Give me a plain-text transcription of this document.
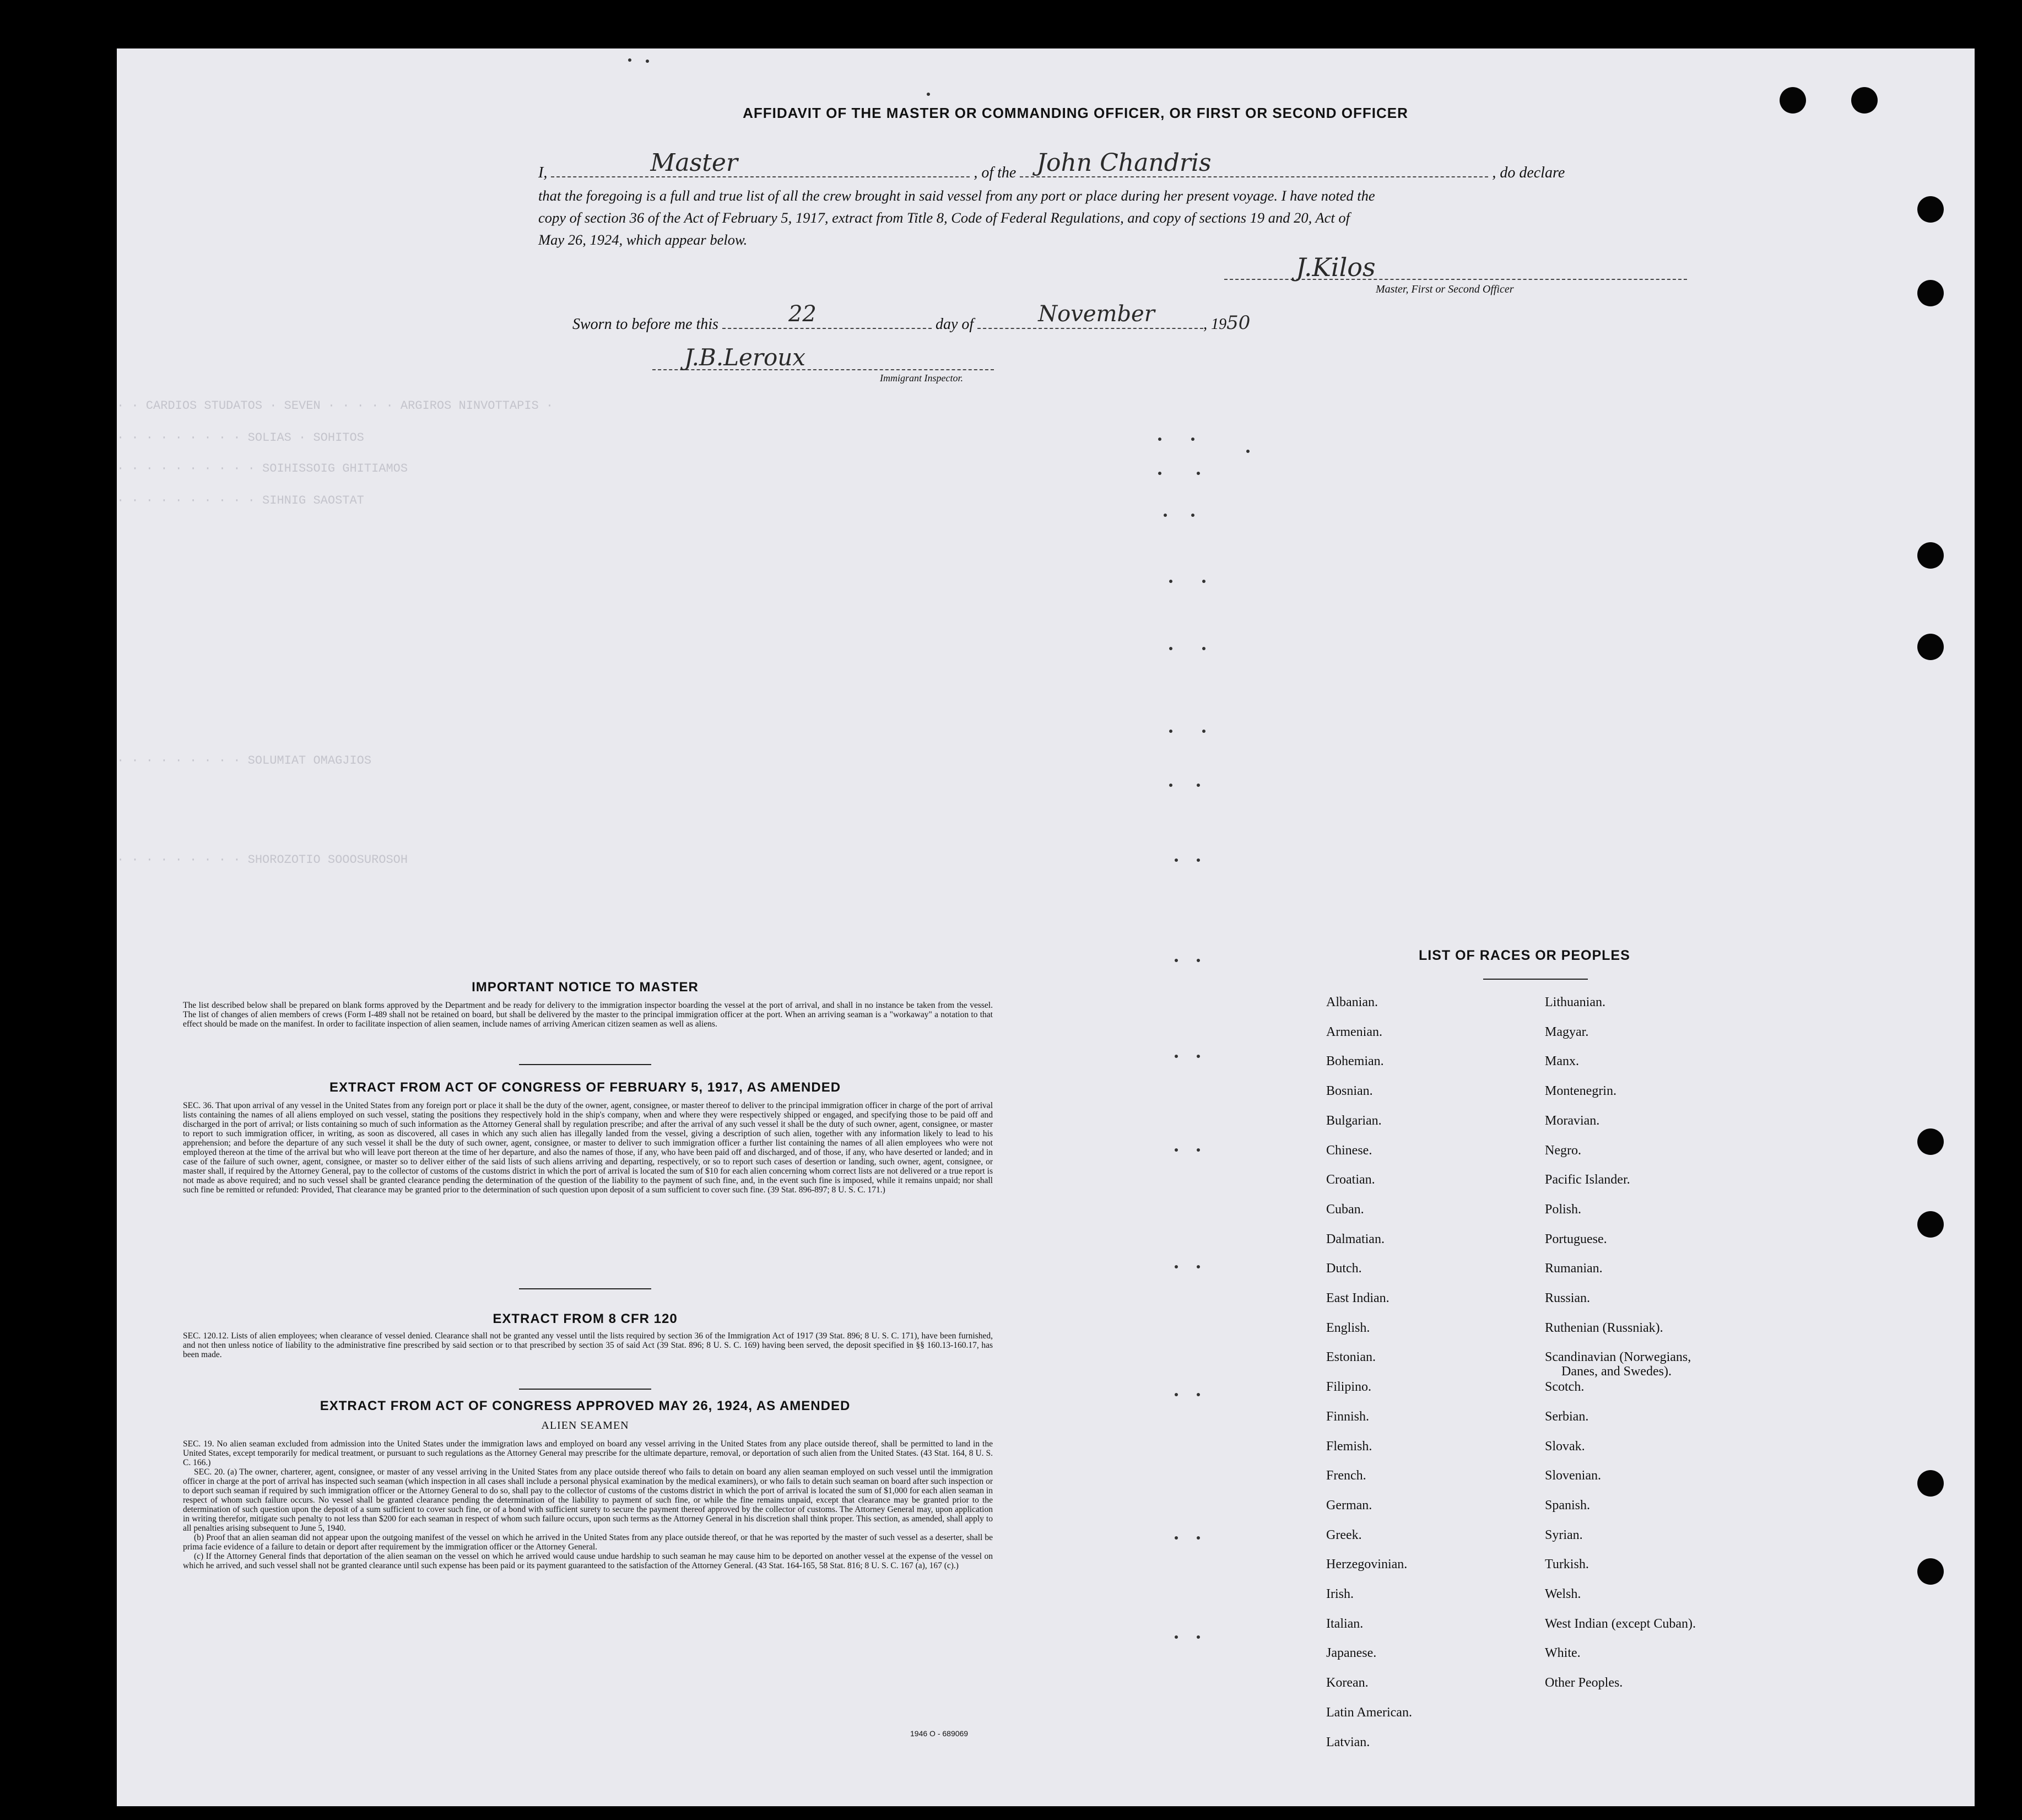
· · CARDIOS STUDATOS · SEVEN · · · · · ARGIROS NINVOTTAPIS ·
· · · · · · · · · SOLIAS · SOHITOS
· · · · · · · · · · SOIHISSOIG GHITIAMOS
· · · · · · · · · · SIHNIG SAOSTAT
· · · · · · · · · SOLUMIAT OMAGJIOS
· · · · · · · · · SHOROZOTIO SOOOSUROSOH
AFFIDAVIT OF THE MASTER OR COMMANDING OFFICER, OR FIRST OR SECOND OFFICER
I,	Master	, of the John Chandris	, do declare
that the foregoing is a full and true list of all the crew brought in said vessel from any port or place during her present voyage. I have noted the
copy of section 36 of the Act of February 5, 1917, extract from Title 8, Code of Federal Regulations, and copy of sections 19 and 20, Act of
May 26, 1924, which appear below.
J.Kilos
Master, First or Second Officer
Sworn to before me this	22	day of	November	, 1950
J.B.Leroux
Immigrant Inspector.
IMPORTANT NOTICE TO MASTER
The list described below shall be prepared on blank forms approved by the Department and be ready for delivery to the immigration inspector boarding the vessel at the port of arrival, and shall in no instance be taken from the vessel. The list of changes of alien members of crews (Form I-489 shall not be retained on board, but shall be delivered by the master to the principal immigration officer at the port. When an arriving seaman is a "workaway" a notation to that effect should be made on the manifest. In order to facilitate inspection of alien seamen, include names of arriving American citizen seamen as well as aliens.
EXTRACT FROM ACT OF CONGRESS OF FEBRUARY 5, 1917, AS AMENDED
SEC. 36. That upon arrival of any vessel in the United States from any foreign port or place it shall be the duty of the owner, agent, consignee, or master thereof to deliver to the principal immigration officer in charge of the port of arrival lists containing the names of all aliens employed on such vessel, stating the positions they respectively hold in the ship's company, when and where they were respectively shipped or engaged, and specifying those to be paid off and discharged in the port of arrival; or lists containing so much of such information as the Attorney General shall by regulation prescribe; and after the arrival of any such vessel it shall be the duty of such owner, agent, consignee, or master to report to such immigration officer, in writing, as soon as discovered, all cases in which any such alien has illegally landed from the vessel, giving a description of such alien, together with any information likely to lead to his apprehension; and before the departure of any such vessel it shall be the duty of such owner, agent, consignee, or master to deliver to such immigration officer a further list containing the names of all alien employees who were not employed thereon at the time of the arrival but who will leave port thereon at the time of her departure, and also the names of those, if any, who have been paid off and discharged, and of those, if any, who have deserted or landed; and in case of the failure of such owner, agent, consignee, or master so to deliver either of the said lists of such aliens arriving and departing, respectively, or so to report such cases of desertion or landing, such owner, agent, consignee, or master shall, if required by the Attorney General, pay to the collector of customs of the customs district in which the port of arrival is located the sum of $10 for each alien concerning whom correct lists are not delivered or a true report is not made as above required; and no such vessel shall be granted clearance pending the determination of the question of the liability to the payment of such fine, and, in the event such fine is imposed, while it remains unpaid; nor shall such fine be remitted or refunded: Provided, That clearance may be granted prior to the determination of such question upon deposit of a sum sufficient to cover such fine. (39 Stat. 896-897; 8 U. S. C. 171.)
EXTRACT FROM 8 CFR 120
SEC. 120.12. Lists of alien employees; when clearance of vessel denied. Clearance shall not be granted any vessel until the lists required by section 36 of the Immigration Act of 1917 (39 Stat. 896; 8 U. S. C. 171), have been furnished, and not then unless notice of liability to the administrative fine prescribed by said section or to that prescribed by section 35 of said Act (39 Stat. 896; 8 U. S. C. 169) having been served, the deposit specified in §§ 160.13-160.17, has been made.
EXTRACT FROM ACT OF CONGRESS APPROVED MAY 26, 1924, AS AMENDED
ALIEN SEAMEN
SEC. 19. No alien seaman excluded from admission into the United States under the immigration laws and employed on board any vessel arriving in the United States from any place outside thereof, shall be permitted to land in the United States, except temporarily for medical treatment, or pursuant to such regulations as the Attorney General may prescribe for the ultimate departure, removal, or deportation of such alien from the United States. (43 Stat. 164, 8 U. S. C. 166.)
SEC. 20. (a) The owner, charterer, agent, consignee, or master of any vessel arriving in the United States from any place outside thereof who fails to detain on board any alien seaman employed on such vessel until the immigration officer in charge at the port of arrival has inspected such seaman (which inspection in all cases shall include a personal physical examination by the medical examiners), or who fails to detain such seaman on board after such inspection or to deport such seaman if required by such immigration officer or the Attorney General to do so, shall pay to the collector of customs of the customs district in which the port of arrival is located the sum of $1,000 for each alien seaman in respect of whom such failure occurs. No vessel shall be granted clearance pending the determination of the liability to payment of such fine, or while the fine remains unpaid, except that clearance may be granted prior to the determination of such question upon the deposit of a sum sufficient to cover such fine, or of a bond with sufficient surety to secure the payment thereof approved by the collector of customs. The Attorney General may, upon application in writing therefor, mitigate such penalty to not less than $200 for each seaman in respect of whom such failure occurs, upon such terms as the Attorney General in his discretion shall think proper. This section, as amended, shall apply to all penalties arising subsequent to June 5, 1940.
(b) Proof that an alien seaman did not appear upon the outgoing manifest of the vessel on which he arrived in the United States from any place outside thereof, or that he was reported by the master of such vessel as a deserter, shall be prima facie evidence of a failure to detain or deport after requirement by the immigration officer or the Attorney General.
(c) If the Attorney General finds that deportation of the alien seaman on the vessel on which he arrived would cause undue hardship to such seaman he may cause him to be deported on another vessel at the expense of the vessel on which he arrived, and such vessel shall not be granted clearance until such expense has been paid or its payment guaranteed to the satisfaction of the Attorney General. (43 Stat. 164-165, 58 Stat. 816; 8 U. S. C. 167 (a), 167 (c).)
1946 O - 689069
LIST OF RACES OR PEOPLES
Albanian.
Armenian.
Bohemian.
Bosnian.
Bulgarian.
Chinese.
Croatian.
Cuban.
Dalmatian.
Dutch.
East Indian.
English.
Estonian.
Filipino.
Finnish.
Flemish.
French.
German.
Greek.
Herzegovinian.
Irish.
Italian.
Japanese.
Korean.
Latin American.
Latvian.
Lithuanian.
Magyar.
Manx.
Montenegrin.
Moravian.
Negro.
Pacific Islander.
Polish.
Portuguese.
Rumanian.
Russian.
Ruthenian (Russniak).
Scandinavian (Norwegians,
Danes, and Swedes).
Scotch.
Serbian.
Slovak.
Slovenian.
Spanish.
Syrian.
Turkish.
Welsh.
West Indian (except Cuban).
White.
Other Peoples.
